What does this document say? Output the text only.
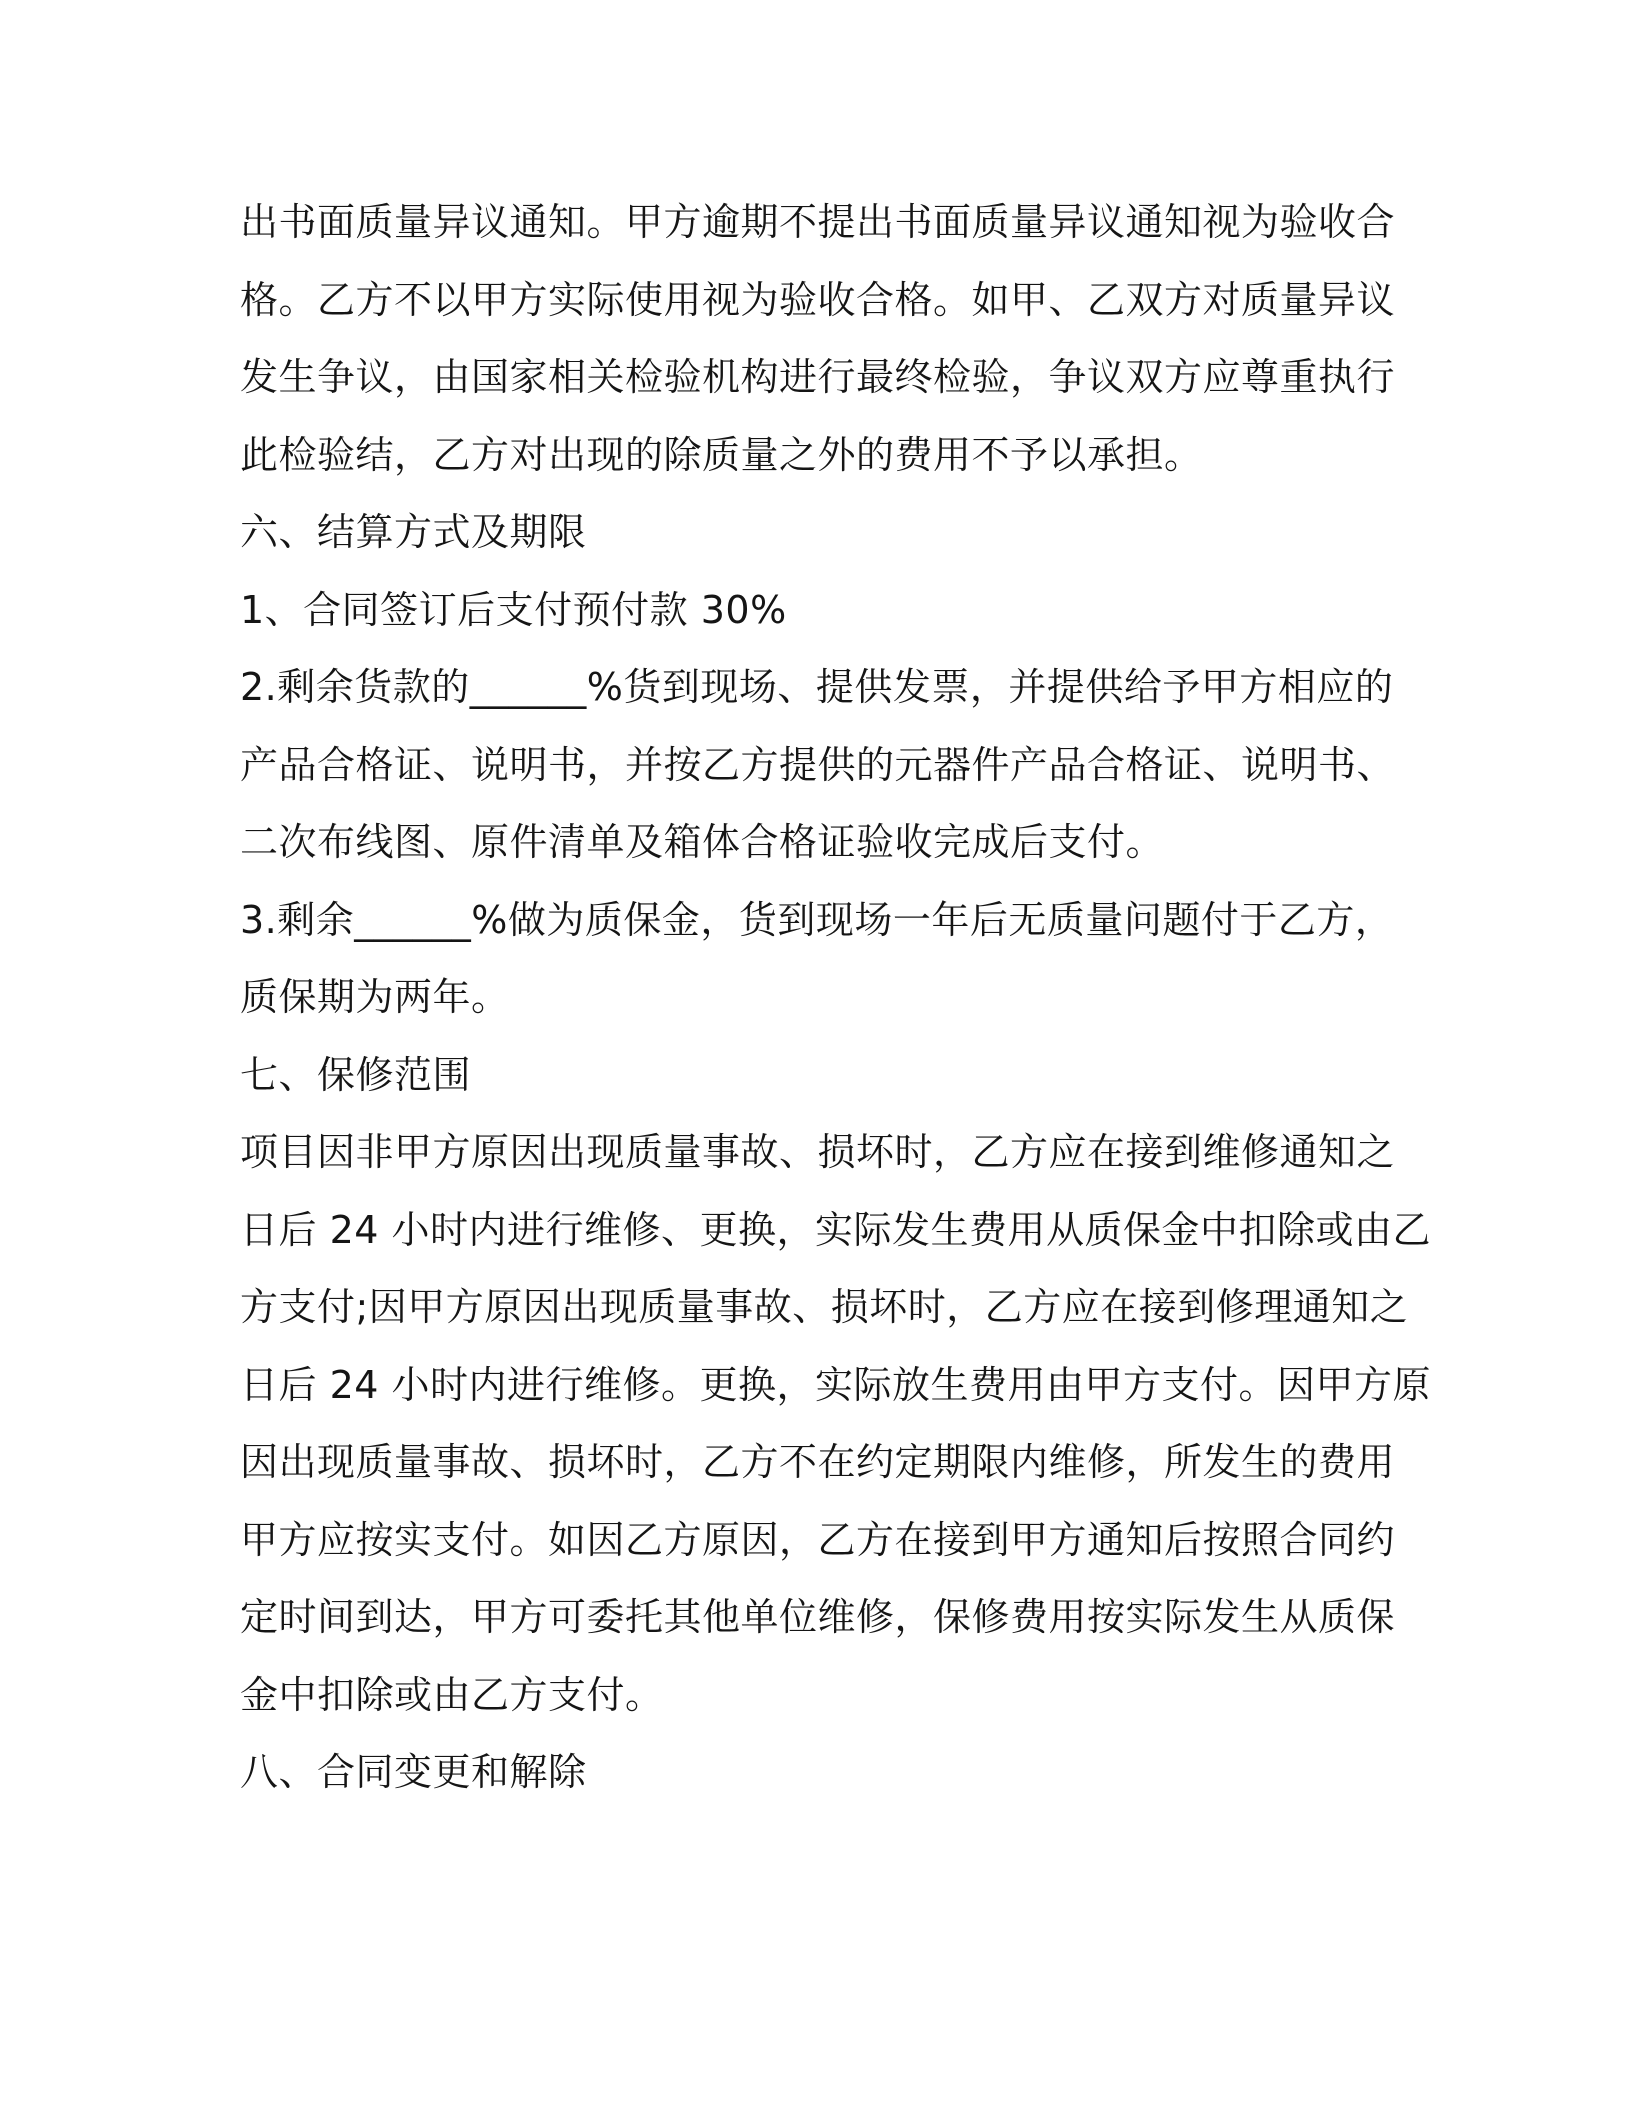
出书面质量异议通知。甲方逾期不提出书面质量异议通知视为验收合
格。乙方不以甲方实际使用视为验收合格。如甲、乙双方对质量异议
发生争议，由国家相关检验机构进行最终检验，争议双方应尊重执行
此检验结，乙方对出现的除质量之外的费用不予以承担。
六、结算方式及期限
1、合同签订后支付预付款 30%
2.剩余货款的______%货到现场、提供发票，并提供给予甲方相应的
产品合格证、说明书，并按乙方提供的元器件产品合格证、说明书、
二次布线图、原件清单及箱体合格证验收完成后支付。
3.剩余______%做为质保金，货到现场一年后无质量问题付于乙方，
质保期为两年。
七、保修范围
项目因非甲方原因出现质量事故、损坏时，乙方应在接到维修通知之
日后 24 小时内进行维修、更换，实际发生费用从质保金中扣除或由乙
方支付;因甲方原因出现质量事故、损坏时，乙方应在接到修理通知之
日后 24 小时内进行维修。更换，实际放生费用由甲方支付。因甲方原
因出现质量事故、损坏时，乙方不在约定期限内维修，所发生的费用
甲方应按实支付。如因乙方原因，乙方在接到甲方通知后按照合同约
定时间到达，甲方可委托其他单位维修，保修费用按实际发生从质保
金中扣除或由乙方支付。
八、合同变更和解除
